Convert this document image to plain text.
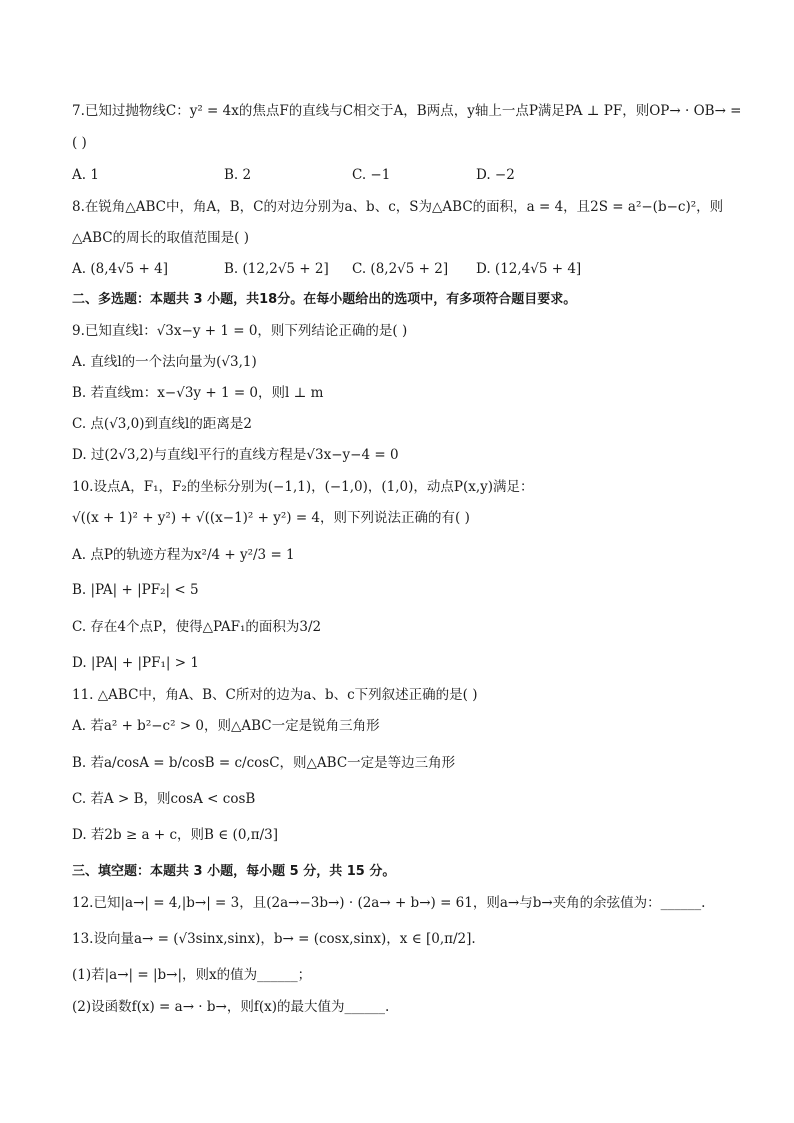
7.已知过抛物线C：y² = 4x的焦点F的直线与C相交于A，B两点，y轴上一点P满足PA ⊥ PF，则OP→ · OB→ =
( )
A. 1	B. 2	C. −1	D. −2
8.在锐角△ABC中，角A，B，C的对边分别为a、b、c，S为△ABC的面积，a = 4，且2S = a²−(b−c)²，则
△ABC的周长的取值范围是( )
A. (8,4√5 + 4]	B. (12,2√5 + 2] C. (8,2√5 + 2] D. (12,4√5 + 4]
二、多选题：本题共 3 小题，共18分。在每小题给出的选项中，有多项符合题目要求。
9.已知直线l：√3x−y + 1 = 0，则下列结论正确的是( )
A. 直线l的一个法向量为(√3,1)
B. 若直线m：x−√3y + 1 = 0，则l ⊥ m
C. 点(√3,0)到直线l的距离是2
D. 过(2√3,2)与直线l平行的直线方程是√3x−y−4 = 0
10.设点A，F₁，F₂的坐标分别为(−1,1)，(−1,0)，(1,0)，动点P(x,y)满足：
√((x + 1)² + y²) + √((x−1)² + y²) = 4，则下列说法正确的有( )
A. 点P的轨迹方程为x²/4 + y²/3 = 1
B. |PA| + |PF₂| < 5
C. 存在4个点P，使得△PAF₁的面积为3/2
D. |PA| + |PF₁| > 1
11. △ABC中，角A、B、C所对的边为a、b、c下列叙述正确的是( )
A. 若a² + b²−c² > 0，则△ABC一定是锐角三角形
B. 若a/cosA = b/cosB = c/cosC，则△ABC一定是等边三角形
C. 若A > B，则cosA < cosB
D. 若2b ≥ a + c，则B ∈ (0,π/3]
三、填空题：本题共 3 小题，每小题 5 分，共 15 分。
12.已知|a→| = 4,|b→| = 3，且(2a→−3b→) · (2a→ + b→) = 61，则a→与b→夹角的余弦值为：______.
13.设向量a→ = (√3sinx,sinx)，b→ = (cosx,sinx)，x ∈ [0,π/2].
(1)若|a→| = |b→|，则x的值为______；
(2)设函数f(x) = a→ · b→，则f(x)的最大值为______.
